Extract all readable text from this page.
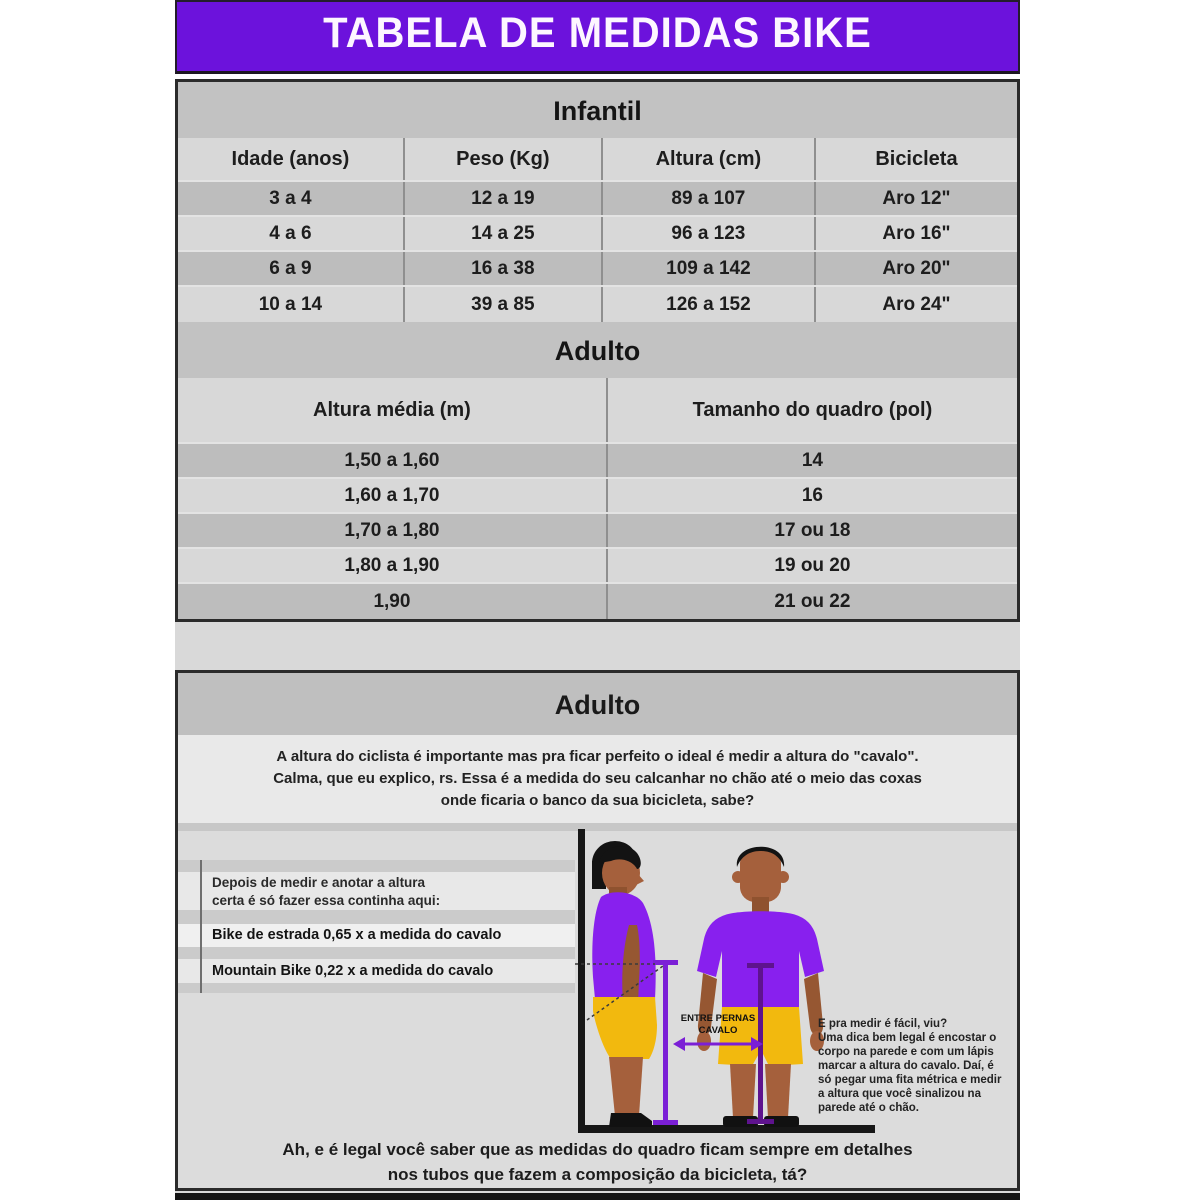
TABELA DE MEDIDAS BIKE
Infantil
Idade (anos)	Peso (Kg)	Altura (cm)	Bicicleta
3 a 4	12 a 19	89 a 107	Aro 12"
4 a 6	14 a 25	96 a 123	Aro 16"
6 a 9	16 a 38	109 a 142	Aro 20"
10 a 14	39 a 85	126 a 152	Aro 24"
Adulto
Altura média (m)	Tamanho do quadro (pol)
1,50 a 1,60	14
1,60 a 1,70	16
1,70 a 1,80	17 ou 18
1,80 a 1,90	19 ou 20
1,90	21 ou 22
Adulto
A altura do ciclista é importante mas pra ficar perfeito o ideal é medir a altura do "cavalo".
Calma, que eu explico, rs. Essa é a medida do seu calcanhar no chão até o meio das coxas
onde ficaria o banco da sua bicicleta, sabe?
Depois de medir e anotar a altura
certa é só fazer essa continha aqui:
Bike de estrada 0,65 x a medida do cavalo
Mountain Bike 0,22 x a medida do cavalo
ENTRE PERNAS
CAVALO
E pra medir é fácil, viu?
Uma dica bem legal é encostar o
corpo na parede e com um lápis
marcar a altura do cavalo. Daí, é
só pegar uma fita métrica e medir
a altura que você sinalizou na
parede até o chão.
Ah, e é legal você saber que as medidas do quadro ficam sempre em detalhes
nos tubos que fazem a composição da bicicleta, tá?
